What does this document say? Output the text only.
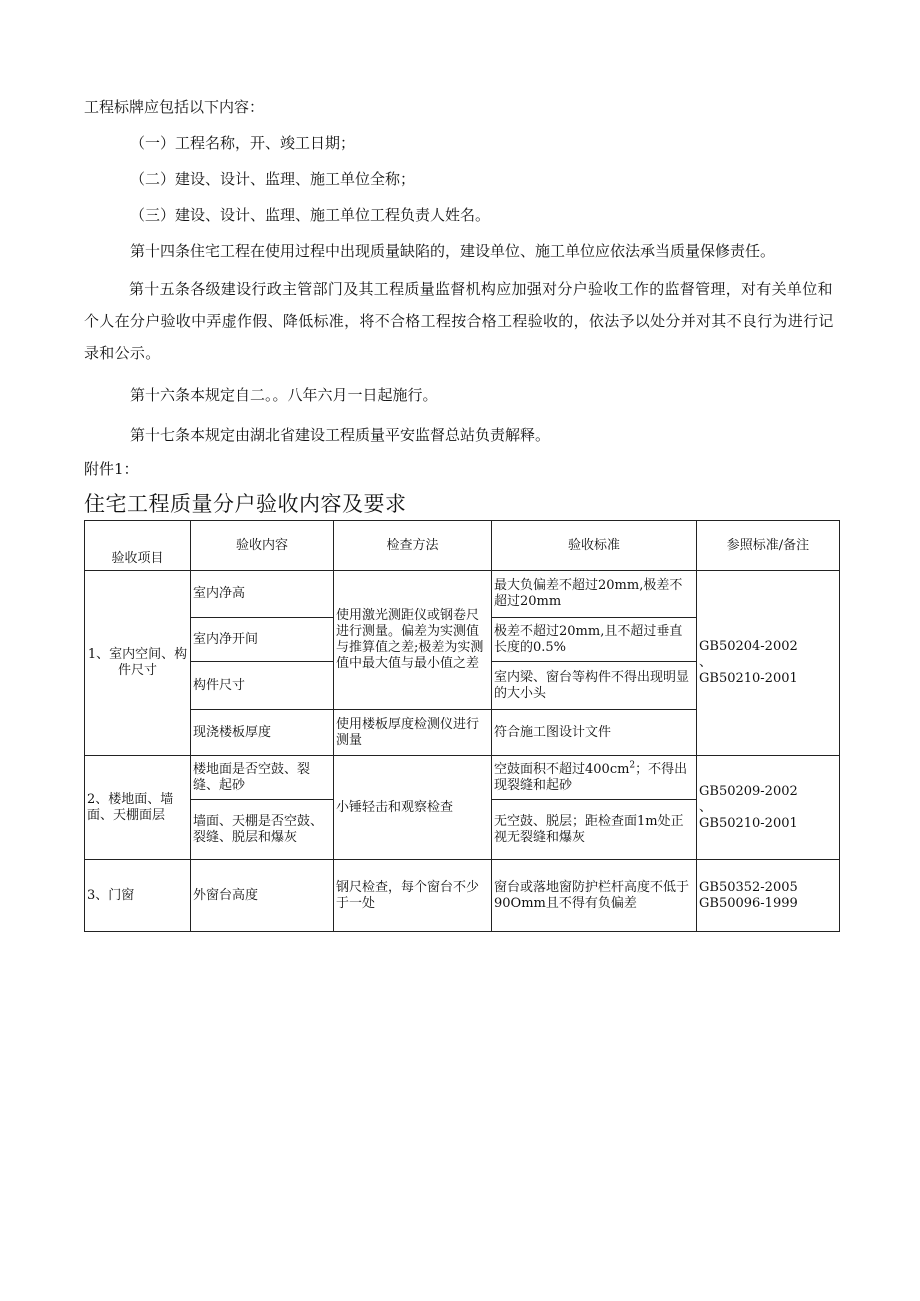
工程标牌应包括以下内容：

（一）工程名称，开、竣工日期；

（二）建设、设计、监理、施工单位全称；

（三）建设、设计、监理、施工单位工程负责人姓名。

第十四条住宅工程在使用过程中出现质量缺陷的，建设单位、施工单位应依法承当质量保修责任。

第十五条各级建设行政主管部门及其工程质量监督机构应加强对分户验收工作的监督管理，对有关单位和个人在分户验收中弄虚作假、降低标准，将不合格工程按合格工程验收的，依法予以处分并对其不良行为进行记录和公示。

第十六条本规定自二。。八年六月一日起施行。

第十七条本规定由湖北省建设工程质量平安监督总站负责解释。

附件1：

住宅工程质量分户验收内容及要求
验收项目	验收内容	检查方法	验收标准	参照标准/备注
1、室内空间、构件尺寸	室内净高	使用激光测距仪或钢卷尺进行测量。偏差为实测值与推算值之差;极差为实测值中最大值与最小值之差	最大负偏差不超过20mm,极差不超过20mm	GB50204-2002
、
GB50210-2001

	室内净开间		极差不超过20mm,且不超过垂直长度的0.5%	
	构件尺寸		室内梁、窗台等构件不得出现明显的大小头	
	现浇楼板厚度	使用楼板厚度检测仪进行测量	符合施工图设计文件	
2、楼地面、墙面、天棚面层	楼地面是否空鼓、裂缝、起砂	小锤轻击和观察检查	空鼓面积不超过$400cm^2$；不得出现裂缝和起砂	GB50209-2002
、
GB50210-2001

	墙面、天棚是否空鼓、裂缝、脱层和爆灰		无空鼓、脱层；距检查面1m处正视无裂缝和爆灰	
3、门窗	外窗台高度	钢尺检查，每个窗台不少于一处	窗台或落地窗防护栏杆高度不低于90Omm且不得有负偏差	GB50352-2005
GB50096-1999
